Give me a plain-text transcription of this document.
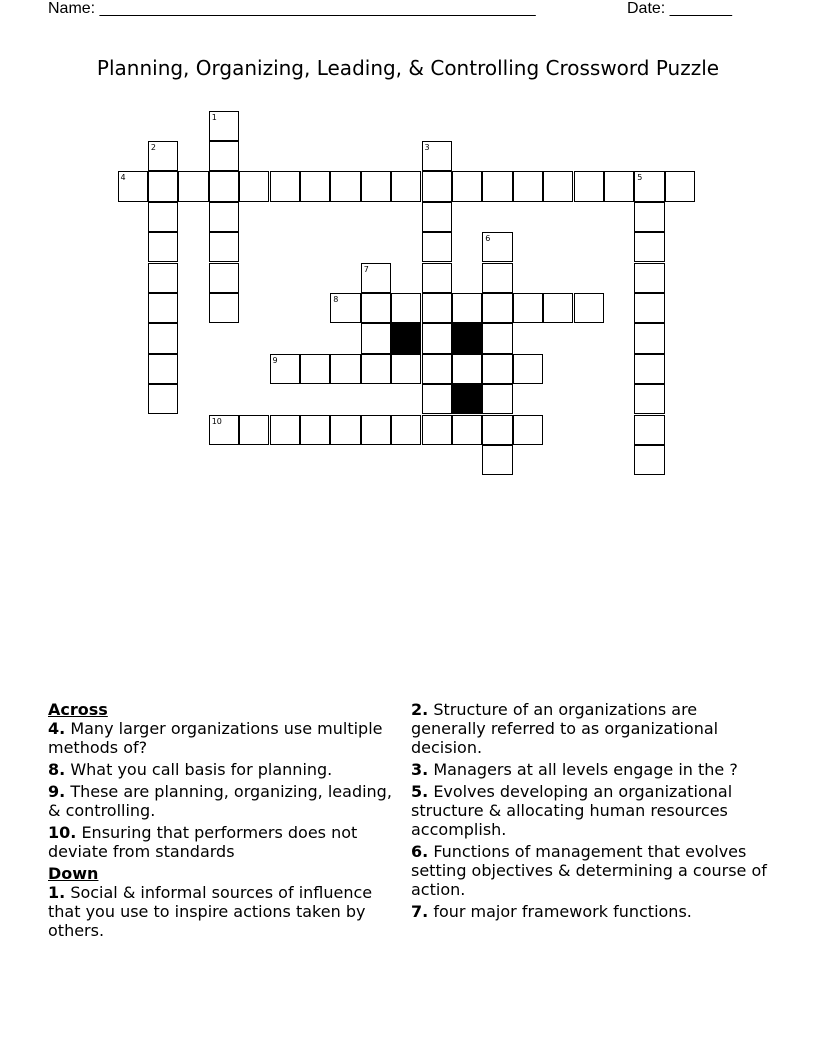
Name: _________________________________________________	Date: _______
Planning, Organizing, Leading, & Controlling Crossword Puzzle
1
2	3
4	5
6
7
8
9
10
Across
4. Many larger organizations use multiple methods of?
8. What you call basis for planning.
9. These are planning, organizing, leading, & controlling.
10. Ensuring that performers does not deviate from standards
Down
1. Social & informal sources of influence that you use to inspire actions taken by others.
2. Structure of an organizations are generally referred to as organizational decision.
3. Managers at all levels engage in the ?
5. Evolves developing an organizational structure & allocating human resources accomplish.
6. Functions of management that evolves setting objectives & determining a course of action.
7. four major framework functions.
